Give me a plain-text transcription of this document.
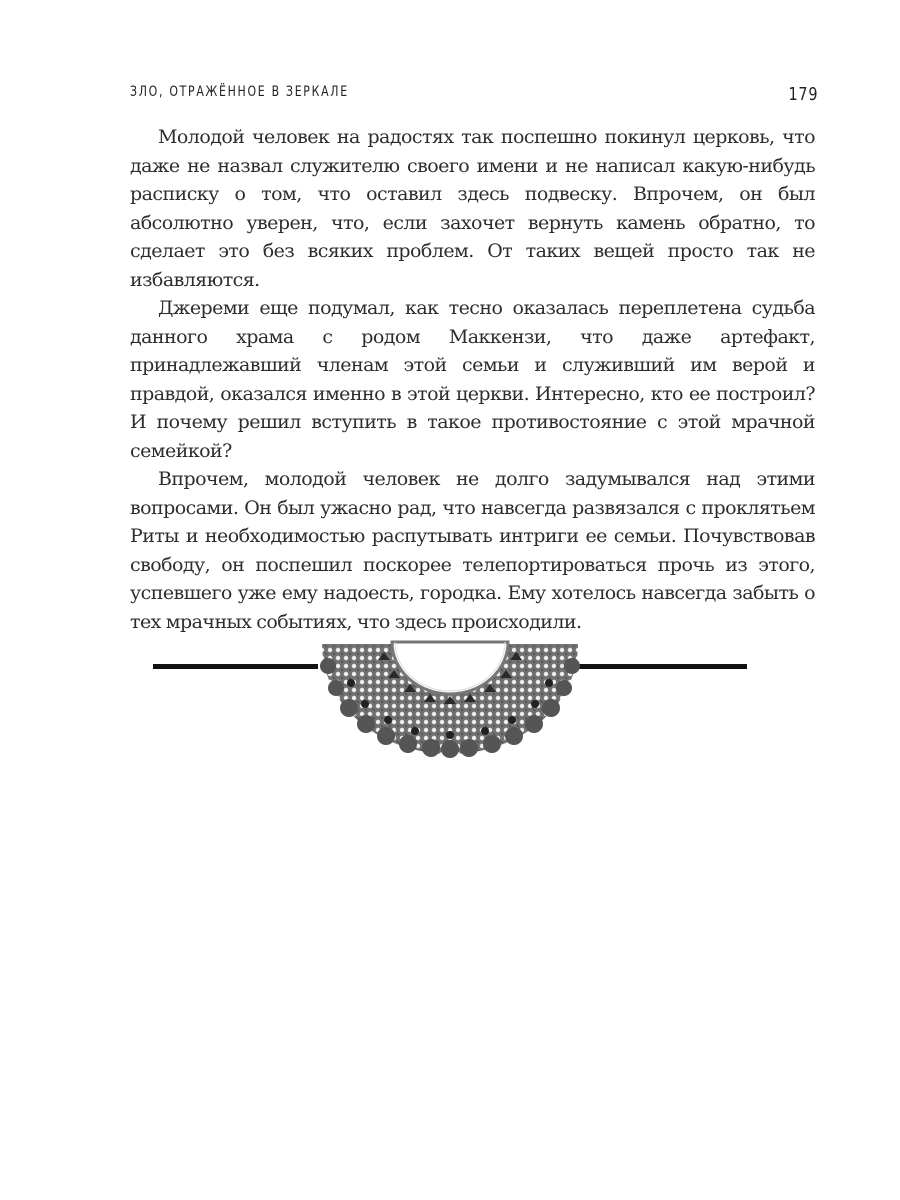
ЗЛО, ОТРАЖЁННОЕ В ЗЕРКАЛЕ	179

Молодой человек на радостях так поспешно покинул церковь, что даже не назвал служителю своего имени и не написал какую-нибудь расписку о том, что оставил здесь подвеску. Впрочем, он был абсолютно уверен, что, если захочет вернуть камень обратно, то сделает это без всяких проблем. От таких вещей просто так не избавляются.

Джереми еще подумал, как тесно оказалась переплетена судьба данного храма с родом Маккензи, что даже артефакт, принадлежавший членам этой семьи и служивший им верой и правдой, оказался именно в этой церкви. Интересно, кто ее построил? И почему решил вступить в такое противостояние с этой мрачной семейкой?

Впрочем, молодой человек не долго задумывался над этими вопросами. Он был ужасно рад, что навсегда развязался с проклятьем Риты и необходимостью распутывать интриги ее семьи. Почувствовав свободу, он поспешил поскорее телепортироваться прочь из этого, успевшего уже ему надоесть, городка. Ему хотелось навсегда забыть о тех мрачных событиях, что здесь происходили.
